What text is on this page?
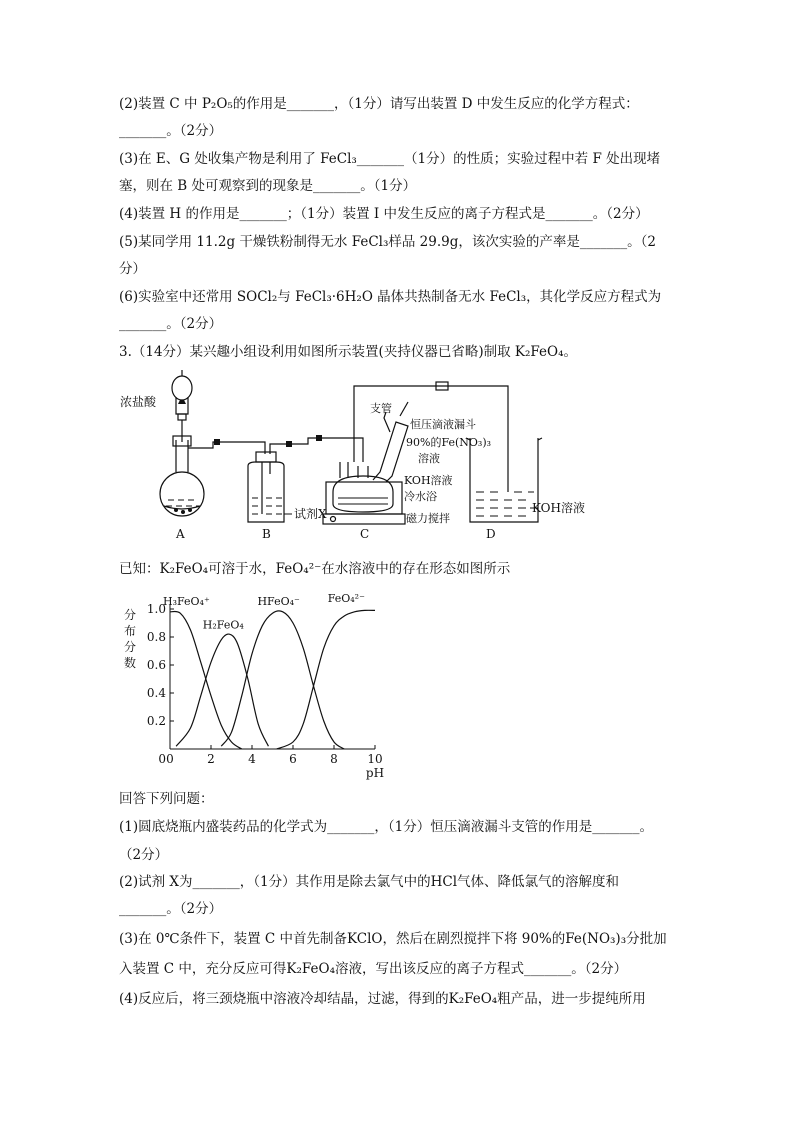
(2)装置 C 中 P₂O₅的作用是_______，（1分）请写出装置 D 中发生反应的化学方程式：
_______。（2分）
(3)在 E、G 处收集产物是利用了 FeCl₃_______（1分）的性质；实验过程中若 F 处出现堵
塞，则在 B 处可观察到的现象是_______。（1分）
(4)装置 H 的作用是_______；（1分）装置 I 中发生反应的离子方程式是_______。（2分）
(5)某同学用 11.2g 干燥铁粉制得无水 FeCl₃样品 29.9g，该次实验的产率是_______。（2
分）
(6)实验室中还常用 SOCl₂与 FeCl₃·6H₂O 晶体共热制备无水 FeCl₃，其化学反应方程式为
_______。（2分）
3.（14分）某兴趣小组设利用如图所示装置(夹持仪器已省略)制取 K₂FeO₄。
浓盐酸	支管
恒压滴液漏斗
90%的Fe(NO₃)₃
溶液
KOH溶液
冷水浴
磁力搅拌
试剂X	KOH溶液
A	B	C	D
已知：K₂FeO₄可溶于水，FeO₄²⁻在水溶液中的存在形态如图所示
0	2	4	6	8 10
0.2
0.4
0.6
0.8
1.0
0
分
布
分
数
pH
H₃FeO₄⁺
H₂FeO₄
HFeO₄⁻	FeO₄²⁻
回答下列问题：
(1)圆底烧瓶内盛装药品的化学式为_______，（1分）恒压滴液漏斗支管的作用是_______。
（2分）
(2)试剂 X为_______，（1分）其作用是除去氯气中的HCl气体、降低氯气的溶解度和
_______。（2分）
(3)在 0℃条件下，装置 C 中首先制备KClO，然后在剧烈搅拌下将 90%的Fe(NO₃)₃分批加
入装置 C 中，充分反应可得K₂FeO₄溶液，写出该反应的离子方程式_______。（2分）
(4)反应后，将三颈烧瓶中溶液冷却结晶，过滤，得到的K₂FeO₄粗产品，进一步提纯所用
